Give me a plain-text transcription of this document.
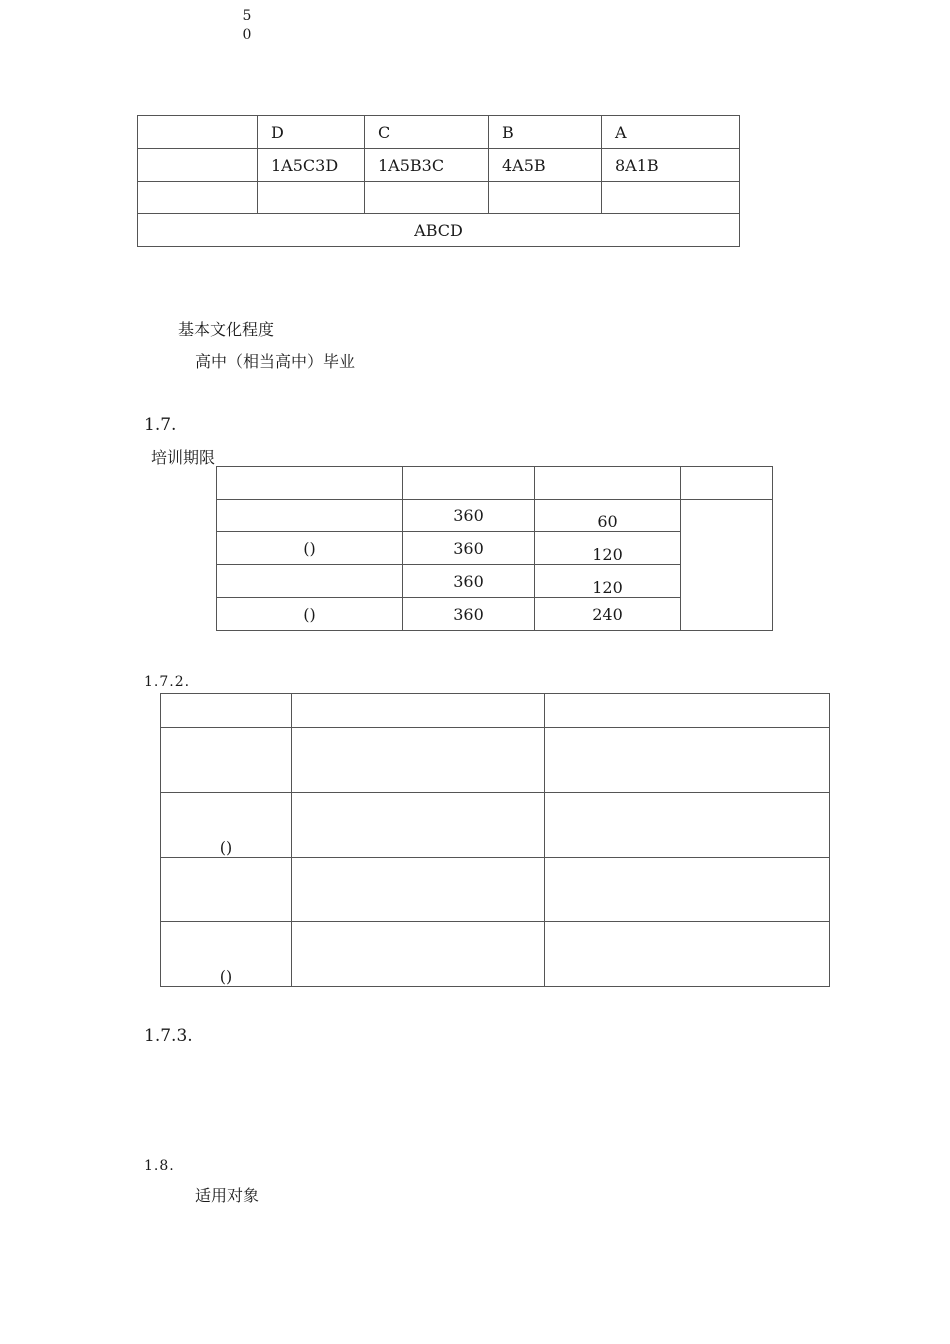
5
0
	D	C	B	A
	1A5C3D	1A5B3C	4A5B	8A1B

ABCD				
基本文化程度
高中（相当高中）毕业
1.7.
培训期限

	360	60	
()	360	120	
	360	120	
()	360	240	
1.7.2.

()		

()		
1.7.3.
1.8.
适用对象
